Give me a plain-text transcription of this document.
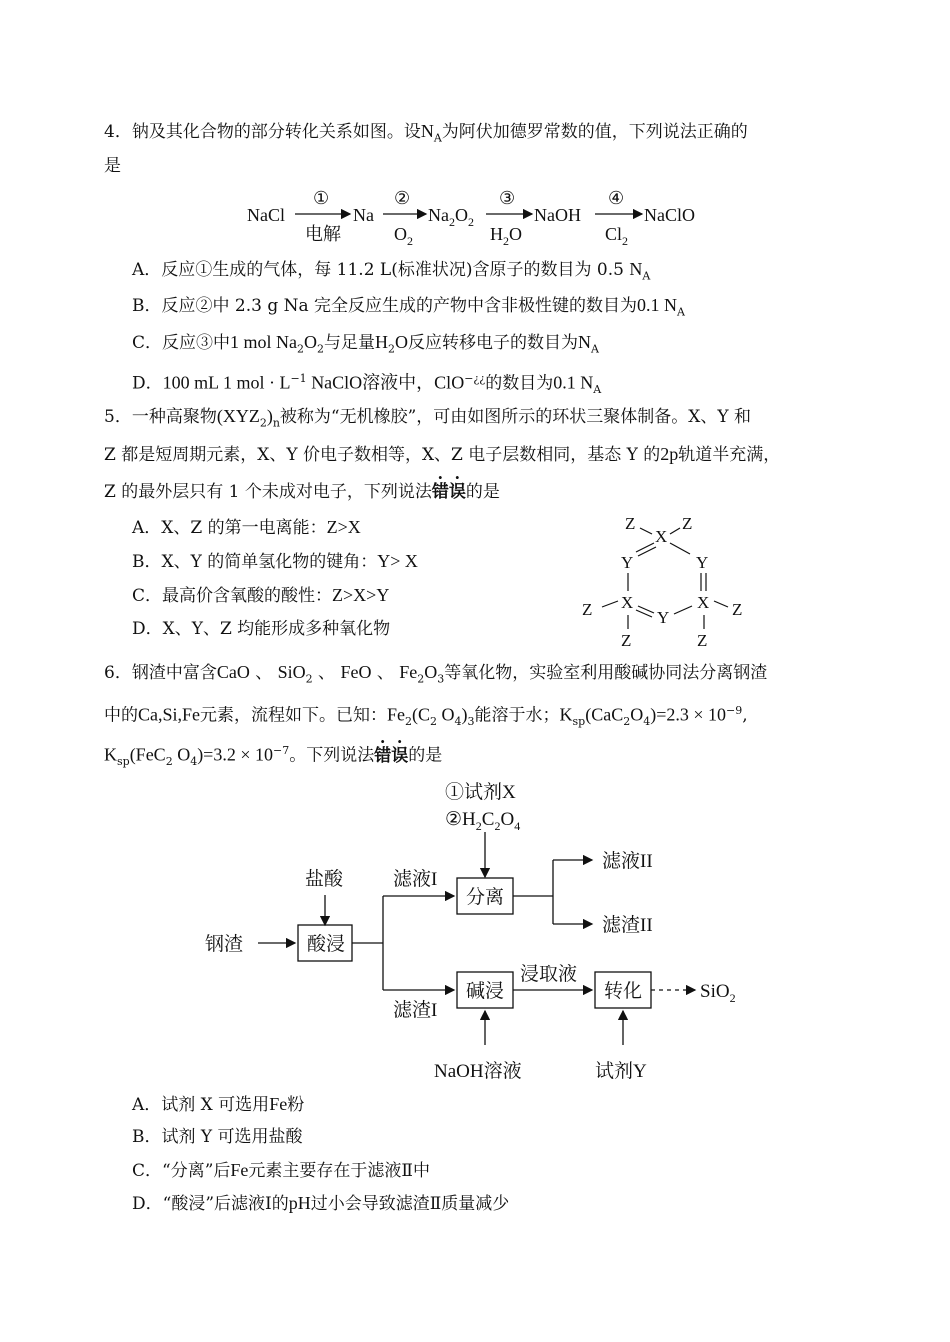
4．钠及其化合物的部分转化关系如图。设$N_A$为阿伏加德罗常数的值，下列说法正确的
是
NaCl
①
电解
Na
②
$O_2$
$Na_2O_2$
③
$H_2O$
NaOH
④
$Cl_2$
NaClO
A．反应①生成的气体，每 11.2 L(标准状况)含原子的数目为 0.5 $N_A$
B．反应②中 2.3 g Na 完全反应生成的产物中含非极性键的数目为0.1 $N_A$
C．反应③中1 mol $Na_2O_2$与足量$H_2O$反应转移电子的数目为$N_A$
D．100 mL 1 mol · $L^{-1}$ NaClO溶液中，ClO−¿¿的数目为0.1 $N_A$
5．一种高聚物$(XYZ_2)_n$被称为“无机橡胶”，可由如图所示的环状三聚体制备。X、Y 和
Z 都是短周期元素，X、Y 价电子数相等，X、Z 电子层数相同，基态 Y 的2p轨道半充满，
Z 的最外层只有 1 个未成对电子，下列说法错误的是
A．X、Z 的第一电离能：Z>X
B．X、Y 的简单氢化物的键角：Y> X
C．最高价含氧酸的酸性：Z>X>Y
D．X、Y、Z 均能形成多种氧化物
Z
X
Z
Y	Y
X	X
Z	Y	Z
Z	Z
6．钢渣中富含CaO 、 SiO$_2$ 、 FeO 、 $Fe_2O_3$等氧化物，实验室利用酸碱协同法分离钢渣
中的Ca,Si,Fe元素，流程如下。已知：$Fe_2(C_2$ $O_4)_3$能溶于水；$K_{sp}(CaC_2O_4)=2.3 \times 10^{-9}$,
$K_{sp}(FeC_2$ $O_4)=3.2 \times 10^{-7}$。下列说法错误的是
①试剂X
$②H_2C_2O_4$
盐酸
钢渣	酸浸
滤液I
滤渣I
分离
滤液II
滤渣II
碱浸
NaOH溶液
浸取液
转化
试剂Y
SiO$_2$
A．试剂 X 可选用Fe粉
B．试剂 Y 可选用盐酸
C．“分离”后Fe元素主要存在于滤液Ⅱ中
D．“酸浸”后滤液Ⅰ的pH过小会导致滤渣Ⅱ质量减少
